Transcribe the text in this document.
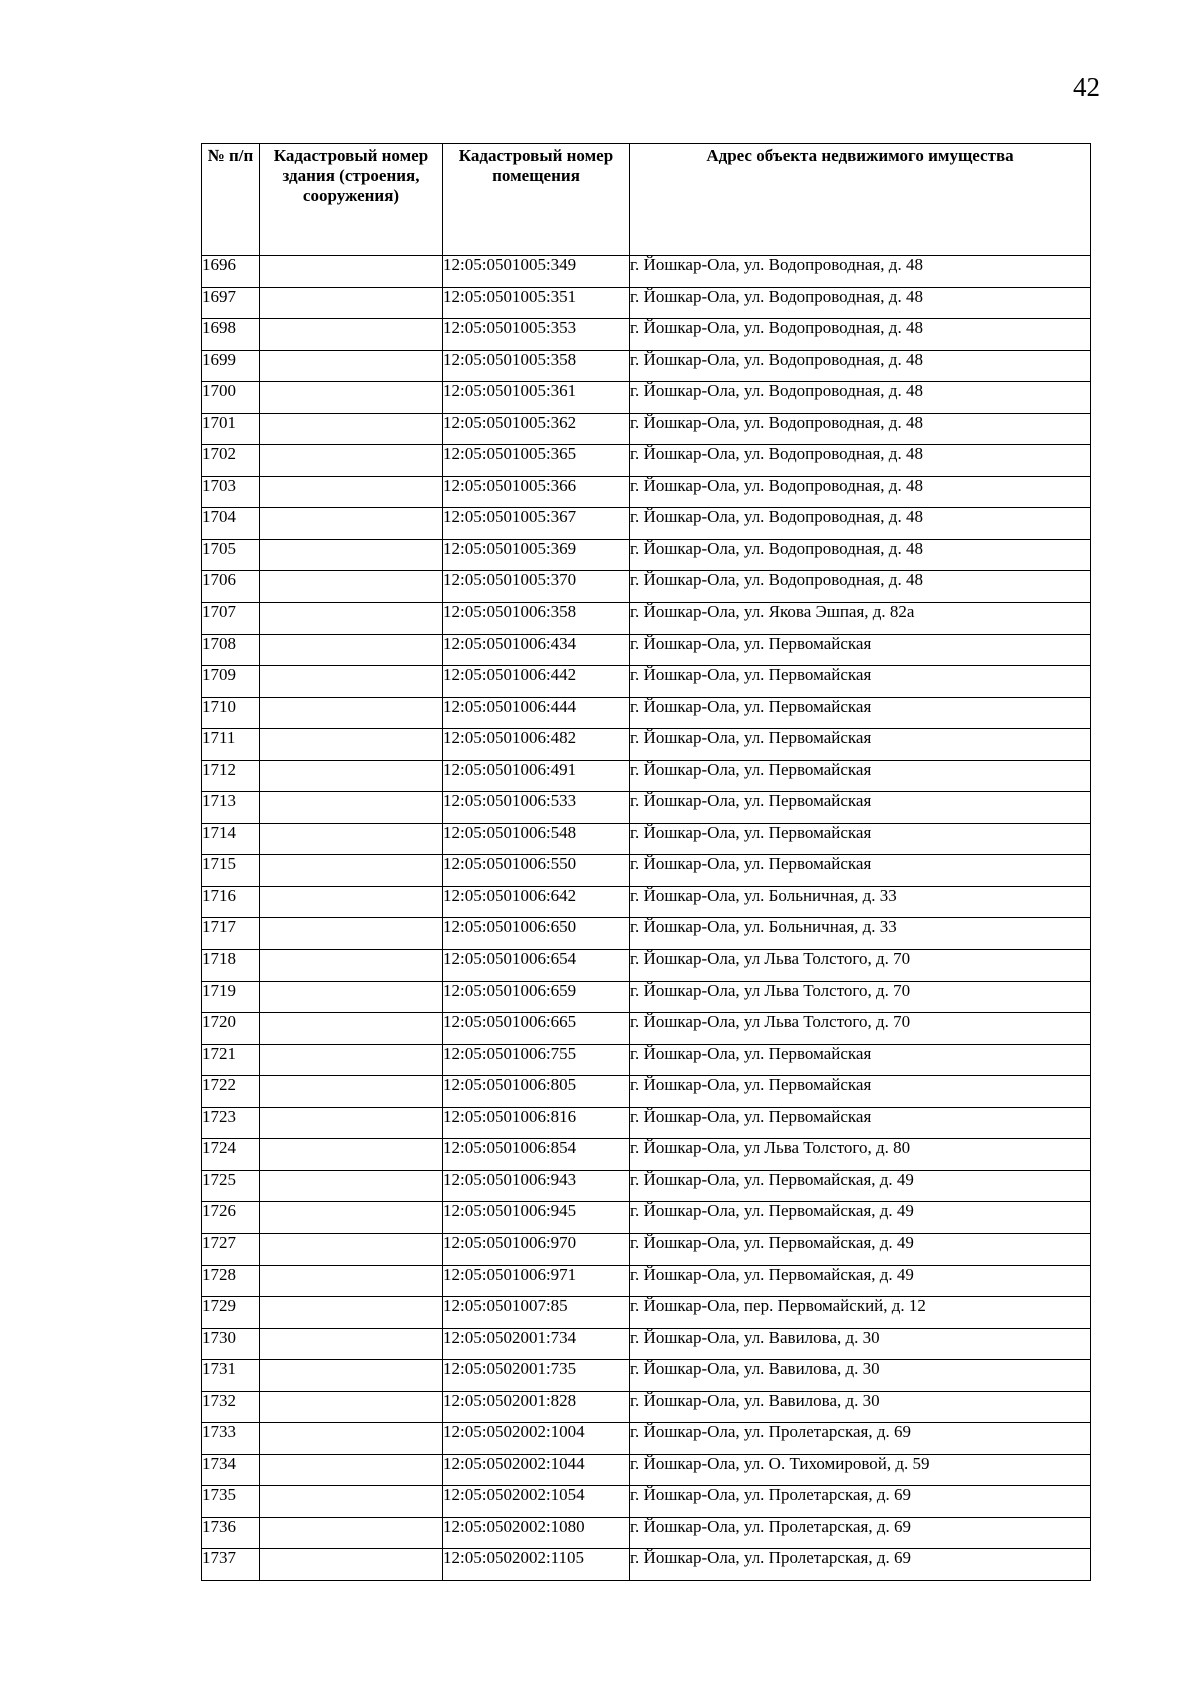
42
№ п/п	Кадастровый номер здания (строения, сооружения)	Кадастровый номер помещения	Адрес объекта недвижимого имущества
1696		12:05:0501005:349	г. Йошкар-Ола, ул. Водопроводная, д. 48
1697		12:05:0501005:351	г. Йошкар-Ола, ул. Водопроводная, д. 48
1698		12:05:0501005:353	г. Йошкар-Ола, ул. Водопроводная, д. 48
1699		12:05:0501005:358	г. Йошкар-Ола, ул. Водопроводная, д. 48
1700		12:05:0501005:361	г. Йошкар-Ола, ул. Водопроводная, д. 48
1701		12:05:0501005:362	г. Йошкар-Ола, ул. Водопроводная, д. 48
1702		12:05:0501005:365	г. Йошкар-Ола, ул. Водопроводная, д. 48
1703		12:05:0501005:366	г. Йошкар-Ола, ул. Водопроводная, д. 48
1704		12:05:0501005:367	г. Йошкар-Ола, ул. Водопроводная, д. 48
1705		12:05:0501005:369	г. Йошкар-Ола, ул. Водопроводная, д. 48
1706		12:05:0501005:370	г. Йошкар-Ола, ул. Водопроводная, д. 48
1707		12:05:0501006:358	г. Йошкар-Ола, ул. Якова Эшпая, д. 82а
1708		12:05:0501006:434	г. Йошкар-Ола, ул. Первомайская
1709		12:05:0501006:442	г. Йошкар-Ола, ул. Первомайская
1710		12:05:0501006:444	г. Йошкар-Ола, ул. Первомайская
1711		12:05:0501006:482	г. Йошкар-Ола, ул. Первомайская
1712		12:05:0501006:491	г. Йошкар-Ола, ул. Первомайская
1713		12:05:0501006:533	г. Йошкар-Ола, ул. Первомайская
1714		12:05:0501006:548	г. Йошкар-Ола, ул. Первомайская
1715		12:05:0501006:550	г. Йошкар-Ола, ул. Первомайская
1716		12:05:0501006:642	г. Йошкар-Ола, ул. Больничная, д. 33
1717		12:05:0501006:650	г. Йошкар-Ола, ул. Больничная, д. 33
1718		12:05:0501006:654	г. Йошкар-Ола, ул Льва Толстого, д. 70
1719		12:05:0501006:659	г. Йошкар-Ола, ул Льва Толстого, д. 70
1720		12:05:0501006:665	г. Йошкар-Ола, ул Льва Толстого, д. 70
1721		12:05:0501006:755	г. Йошкар-Ола, ул. Первомайская
1722		12:05:0501006:805	г. Йошкар-Ола, ул. Первомайская
1723		12:05:0501006:816	г. Йошкар-Ола, ул. Первомайская
1724		12:05:0501006:854	г. Йошкар-Ола, ул Льва Толстого, д. 80
1725		12:05:0501006:943	г. Йошкар-Ола, ул. Первомайская, д. 49
1726		12:05:0501006:945	г. Йошкар-Ола, ул. Первомайская, д. 49
1727		12:05:0501006:970	г. Йошкар-Ола, ул. Первомайская, д. 49
1728		12:05:0501006:971	г. Йошкар-Ола, ул. Первомайская, д. 49
1729		12:05:0501007:85	г. Йошкар-Ола, пер. Первомайский, д. 12
1730		12:05:0502001:734	г. Йошкар-Ола, ул. Вавилова, д. 30
1731		12:05:0502001:735	г. Йошкар-Ола, ул. Вавилова, д. 30
1732		12:05:0502001:828	г. Йошкар-Ола, ул. Вавилова, д. 30
1733		12:05:0502002:1004	г. Йошкар-Ола, ул. Пролетарская, д. 69
1734		12:05:0502002:1044	г. Йошкар-Ола, ул. О. Тихомировой, д. 59
1735		12:05:0502002:1054	г. Йошкар-Ола, ул. Пролетарская, д. 69
1736		12:05:0502002:1080	г. Йошкар-Ола, ул. Пролетарская, д. 69
1737		12:05:0502002:1105	г. Йошкар-Ола, ул. Пролетарская, д. 69
